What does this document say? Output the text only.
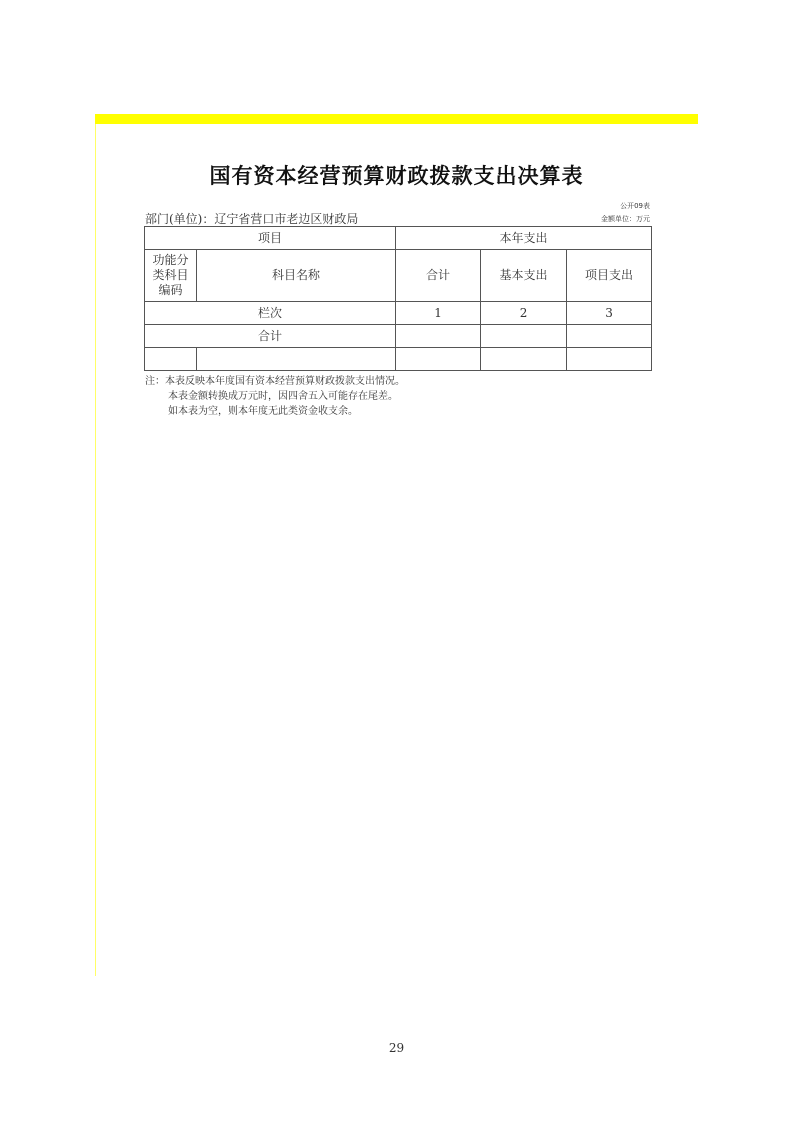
国有资本经营预算财政拨款支出决算表
部门(单位)：辽宁省营口市老边区财政局
公开09表
金额单位：万元
项目		本年支出		

功能分类科目编码	科目名称	合计	基本支出	项目支出
栏次		1	2	3
合计				

注：本表反映本年度国有资本经营预算财政拨款支出情况。
本表金额转换成万元时，因四舍五入可能存在尾差。
如本表为空，则本年度无此类资金收支余。
29
